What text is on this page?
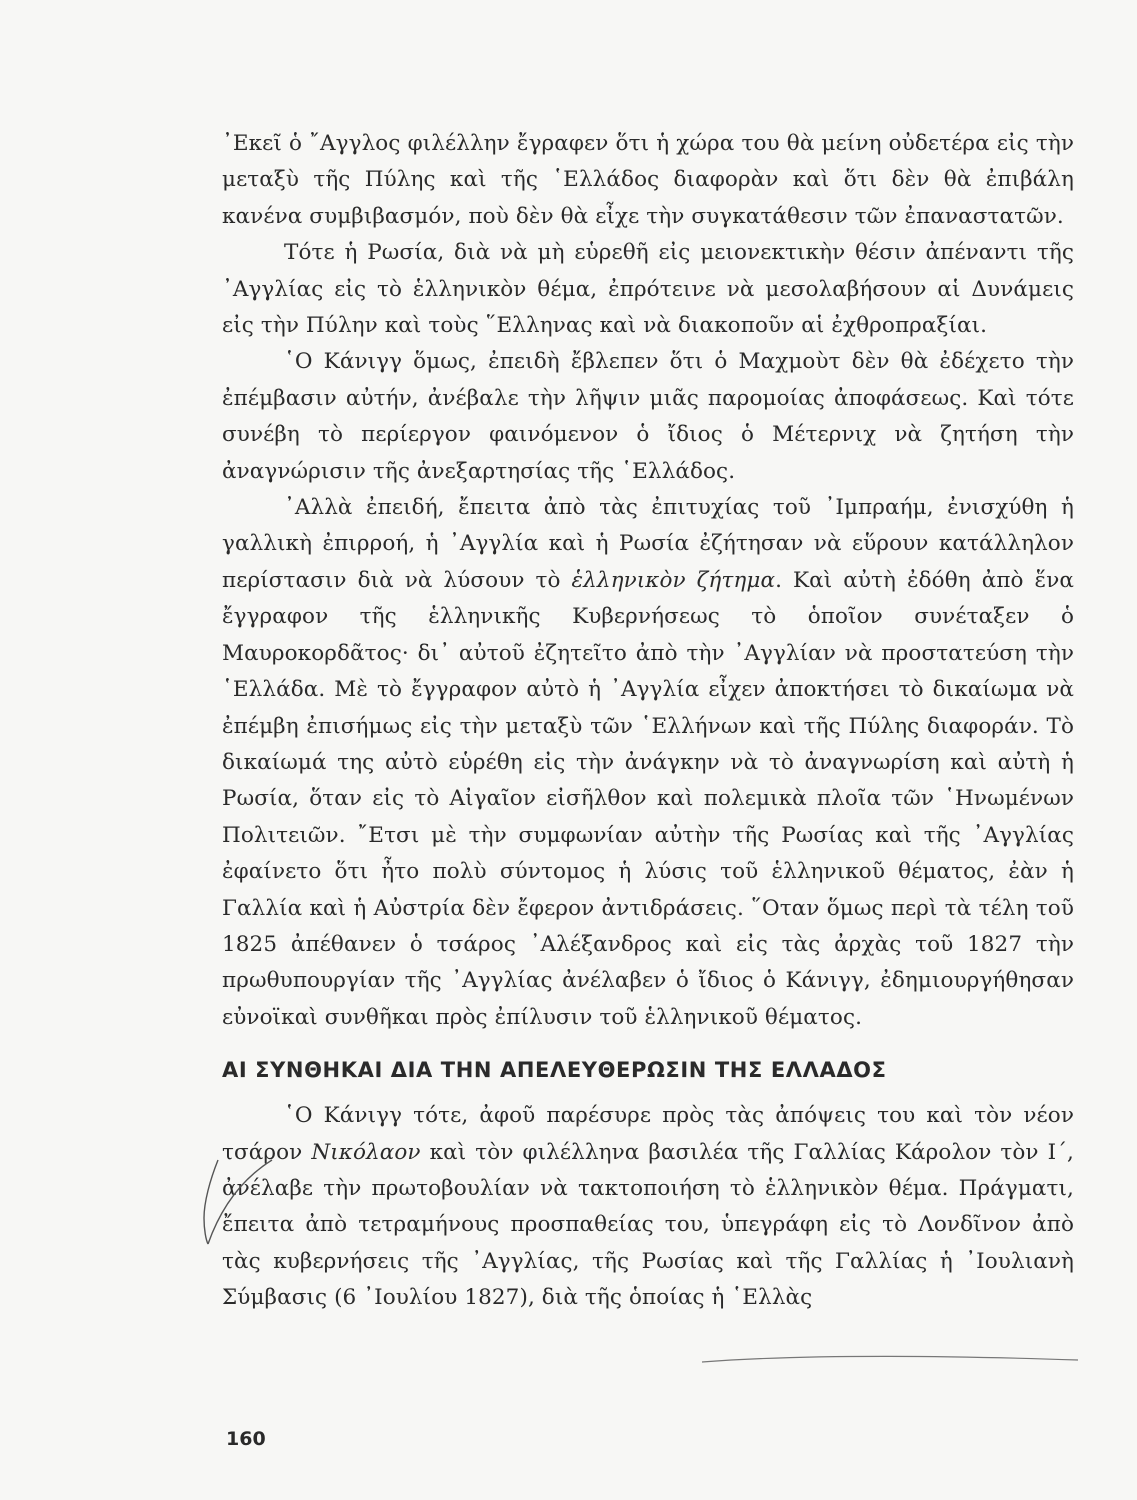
᾿Εκεῖ ὁ ῎Αγγλος φιλέλλην ἔγραφεν ὅτι ἡ χώρα του θὰ μείνη οὐδετέρα εἰς τὴν μεταξὺ τῆς Πύλης καὶ τῆς ῾Ελλάδος διαφορὰν καὶ ὅτι δὲν θὰ ἐπιβάλη κανένα συμβιβασμόν, ποὺ δὲν θὰ εἶχε τὴν συγκατάθεσιν τῶν ἐπαναστατῶν.

Τότε ἡ Ρωσία, διὰ νὰ μὴ εὑρεθῆ εἰς μειονεκτικὴν θέσιν ἀπέναντι τῆς ᾿Αγγλίας εἰς τὸ ἑλληνικὸν θέμα, ἐπρότεινε νὰ μεσολαβήσουν αἱ Δυνάμεις εἰς τὴν Πύλην καὶ τοὺς ῞Ελληνας καὶ νὰ διακοποῦν αἱ ἐχθροπραξίαι.

῾Ο Κάνιγγ ὅμως, ἐπειδὴ ἔβλεπεν ὅτι ὁ Μαχμοὺτ δὲν θὰ ἐδέχετο τὴν ἐπέμβασιν αὐτήν, ἀνέβαλε τὴν λῆψιν μιᾶς παρομοίας ἀποφάσεως. Καὶ τότε συνέβη τὸ περίεργον φαινόμενον ὁ ἴδιος ὁ Μέτερνιχ νὰ ζητήση τὴν ἀναγνώρισιν τῆς ἀνεξαρτησίας τῆς ῾Ελλάδος.

᾿Αλλὰ ἐπειδή, ἔπειτα ἀπὸ τὰς ἐπιτυχίας τοῦ ᾿Ιμπραήμ, ἐνισχύθη ἡ γαλλικὴ ἐπιρροή, ἡ ᾿Αγγλία καὶ ἡ Ρωσία ἐζήτησαν νὰ εὕρουν κατάλληλον περίστασιν διὰ νὰ λύσουν τὸ ἑλληνικὸν ζήτημα. Καὶ αὐτὴ ἐδόθη ἀπὸ ἕνα ἔγγραφον τῆς ἑλληνικῆς Κυβερνήσεως τὸ ὁποῖον συνέταξεν ὁ Μαυροκορδᾶτος· δι᾿ αὐτοῦ ἐζητεῖτο ἀπὸ τὴν ᾿Αγγλίαν νὰ προστατεύση τὴν ῾Ελλάδα. Μὲ τὸ ἔγγραφον αὐτὸ ἡ ᾿Αγγλία εἶχεν ἀποκτήσει τὸ δικαίωμα νὰ ἐπέμβη ἐπισήμως εἰς τὴν μεταξὺ τῶν ῾Ελλήνων καὶ τῆς Πύλης διαφοράν. Τὸ δικαίωμά της αὐτὸ εὑρέθη εἰς τὴν ἀνάγκην νὰ τὸ ἀναγνωρίση καὶ αὐτὴ ἡ Ρωσία, ὅταν εἰς τὸ Αἰγαῖον εἰσῆλθον καὶ πολεμικὰ πλοῖα τῶν ῾Ηνωμένων Πολιτειῶν. ῎Ετσι μὲ τὴν συμφωνίαν αὐτὴν τῆς Ρωσίας καὶ τῆς ᾿Αγγλίας ἐφαίνετο ὅτι ἦτο πολὺ σύντομος ἡ λύσις τοῦ ἑλληνικοῦ θέματος, ἐὰν ἡ Γαλλία καὶ ἡ Αὐστρία δὲν ἔφερον ἀντιδράσεις. ῞Οταν ὅμως περὶ τὰ τέλη τοῦ 1825 ἀπέθανεν ὁ τσάρος ᾿Αλέξανδρος καὶ εἰς τὰς ἀρχὰς τοῦ 1827 τὴν πρωθυπουργίαν τῆς ᾿Αγγλίας ἀνέλαβεν ὁ ἴδιος ὁ Κάνιγγ, ἐδημιουργήθησαν εὐνοϊκαὶ συνθῆκαι πρὸς ἐπίλυσιν τοῦ ἑλληνικοῦ θέματος.

ΑΙ ΣΥΝΘΗΚΑΙ ΔΙΑ ΤΗΝ ΑΠΕΛΕΥΘΕΡΩΣΙΝ ΤΗΣ ΕΛΛΑΔΟΣ

῾Ο Κάνιγγ τότε, ἀφοῦ παρέσυρε πρὸς τὰς ἀπόψεις του καὶ τὸν νέον τσάρον Νικόλαον καὶ τὸν φιλέλληνα βασιλέα τῆς Γαλλίας Κάρολον τὸν Ι΄, ἀνέλαβε τὴν πρωτοβουλίαν νὰ τακτοποιήση τὸ ἑλληνικὸν θέμα. Πράγματι, ἔπειτα ἀπὸ τετραμήνους προσπαθείας του, ὑπεγράφη εἰς τὸ Λονδῖνον ἀπὸ τὰς κυβερνήσεις τῆς ᾿Αγγλίας, τῆς Ρωσίας καὶ τῆς Γαλλίας ἡ ᾿Ιουλιανὴ Σύμβασις (6 ᾿Ιουλίου 1827), διὰ τῆς ὁποίας ἡ ῾Ελλὰς

160
